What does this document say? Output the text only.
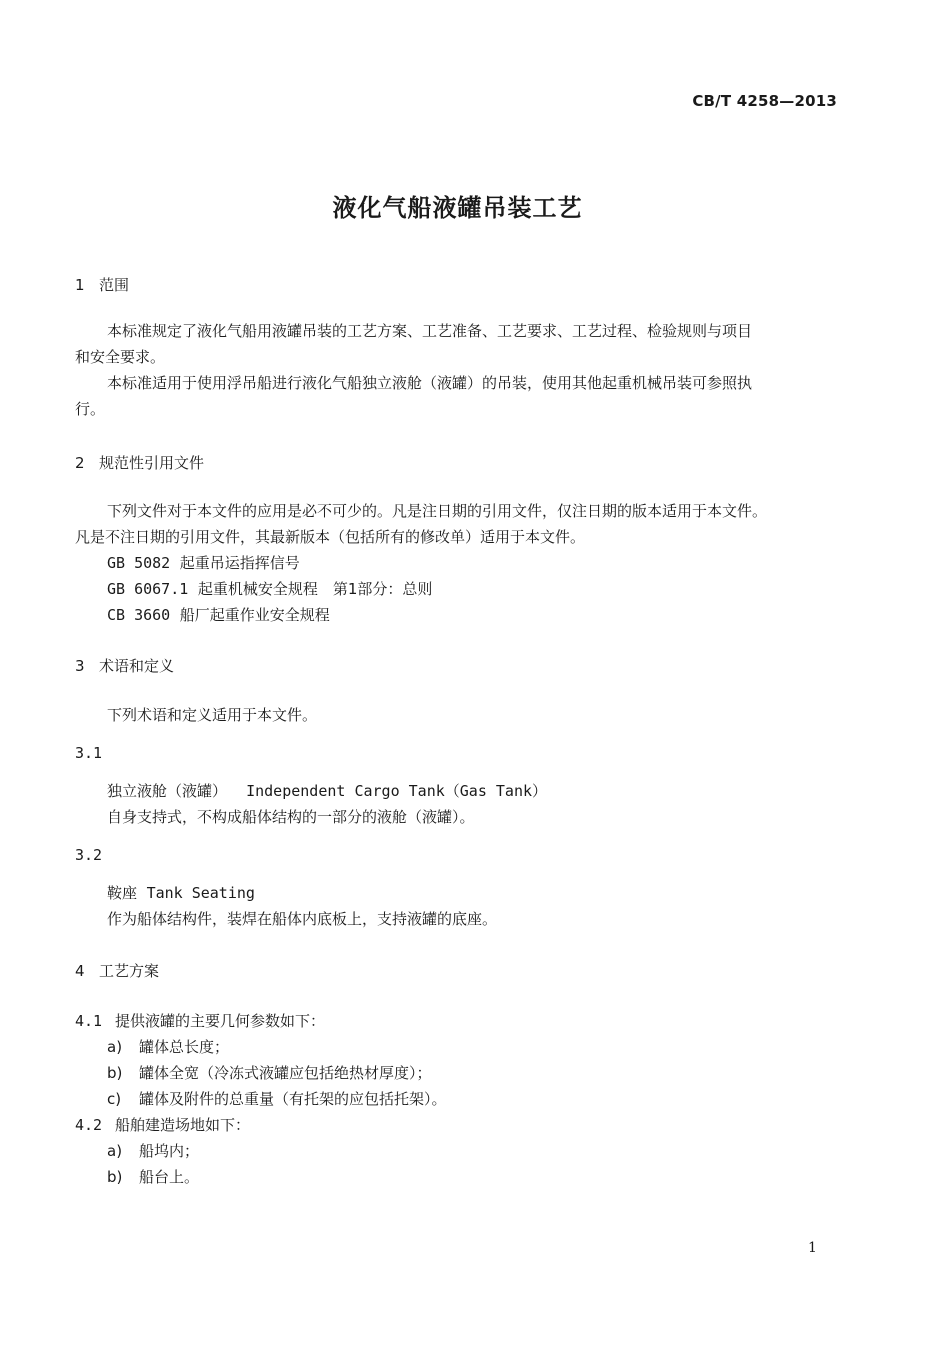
CB/T 4258—2013
液化气船液罐吊装工艺
1 范围
本标准规定了液化气船用液罐吊装的工艺方案、工艺准备、工艺要求、工艺过程、检验规则与项目
和安全要求。
本标准适用于使用浮吊船进行液化气船独立液舱（液罐）的吊装，使用其他起重机械吊装可参照执
行。
2 规范性引用文件
下列文件对于本文件的应用是必不可少的。凡是注日期的引用文件，仅注日期的版本适用于本文件。
凡是不注日期的引用文件，其最新版本（包括所有的修改单）适用于本文件。
GB 5082 起重吊运指挥信号
GB 6067.1 起重机械安全规程　第1部分：总则
CB 3660 船厂起重作业安全规程
3 术语和定义
下列术语和定义适用于本文件。
3.1
独立液舱（液罐） Independent Cargo Tank（Gas Tank）
自身支持式，不构成船体结构的一部分的液舱（液罐）。
3.2
鞍座 Tank Seating
作为船体结构件，装焊在船体内底板上，支持液罐的底座。
4 工艺方案
4.1 提供液罐的主要几何参数如下：
a) 罐体总长度；
b) 罐体全宽（冷冻式液罐应包括绝热材厚度）；
c) 罐体及附件的总重量（有托架的应包括托架）。
4.2 船舶建造场地如下：
a) 船坞内；
b) 船台上。
1
